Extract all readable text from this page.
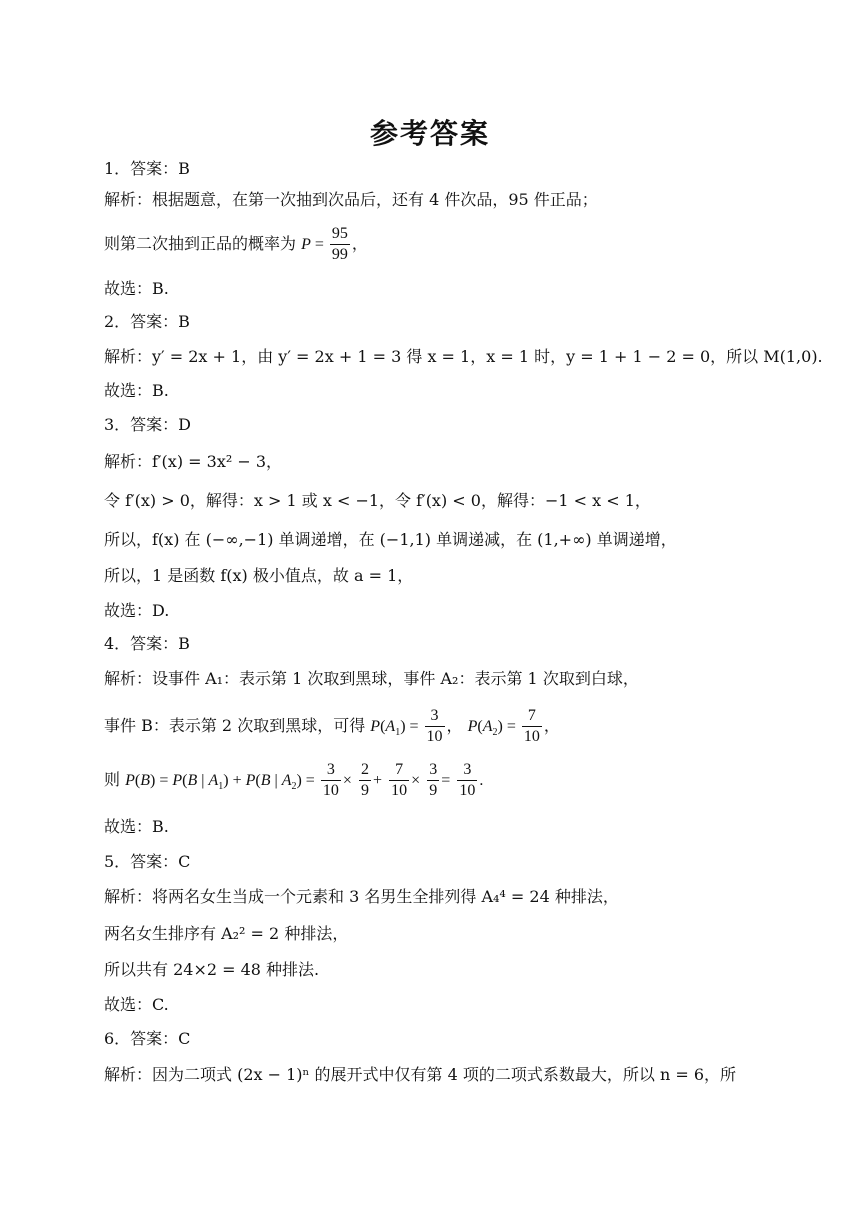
参考答案
1．答案：B
解析：根据题意，在第一次抽到次品后，还有 4 件次品，95 件正品；
则第二次抽到正品的概率为 $P = \frac{95}{99}$ ，
故选：B.
2．答案：B
解析：y′ = 2x + 1，由 y′ = 2x + 1 = 3 得 x = 1，x = 1 时，y = 1 + 1 − 2 = 0，所以 M(1,0).
故选：B.
3．答案：D
解析：f′(x) = 3x² − 3，
令 f′(x) > 0，解得：x > 1 或 x < −1，令 f′(x) < 0，解得：−1 < x < 1，
所以，f(x) 在 (−∞,−1) 单调递增，在 (−1,1) 单调递减，在 (1,+∞) 单调递增，
所以，1 是函数 f(x) 极小值点，故 a = 1，
故选：D.
4．答案：B
解析：设事件 A₁：表示第 1 次取到黑球，事件 A₂：表示第 1 次取到白球，
事件 B：表示第 2 次取到黑球，可得 $P(A_1) = \frac{3}{10}$ ， $P(A_2) = \frac{7}{10}$ ，
则 P(B) = P(B | $A_1) + P(B$ | $A_2) = \frac{3}{10} \times \frac{2}{9} + \frac{7}{10} \times \frac{3}{9} = \frac{3}{10}$ .
故选：B.
5．答案：C
解析：将两名女生当成一个元素和 3 名男生全排列得 A₄⁴ = 24 种排法，
两名女生排序有 A₂² = 2 种排法，
所以共有 24×2 = 48 种排法.
故选：C.
6．答案：C
解析：因为二项式 (2x − 1)ⁿ 的展开式中仅有第 4 项的二项式系数最大，所以 n = 6，所
